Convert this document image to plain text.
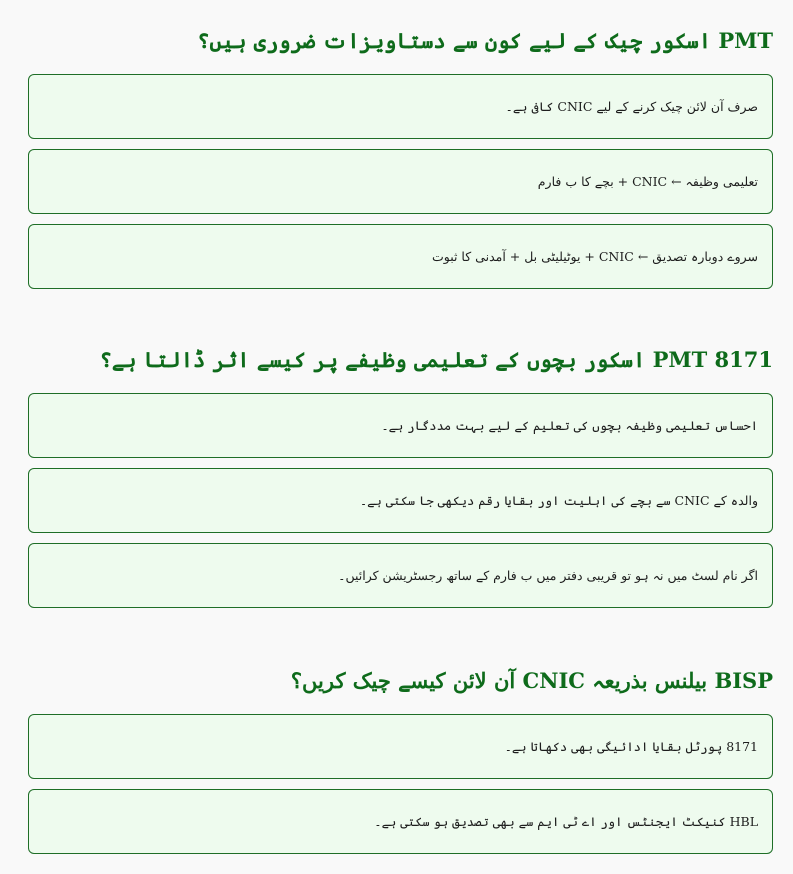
PMT اسکور چیک کے لیے کون سے دستاویزات ضروری ہیں؟

صرف آن لائن چیک کرنے کے لیے CNIC کافی ہے۔

تعلیمی وظیفہ ← CNIC + بچے کا ب فارم

سروے دوبارہ تصدیق ← CNIC + یوٹیلیٹی بل + آمدنی کا ثبوت

8171 PMT اسکور بچوں کے تعلیمی وظیفے پر کیسے اثر ڈالتا ہے؟

احساس تعلیمی وظیفہ بچوں کی تعلیم کے لیے بہت مددگار ہے۔

والدہ کے CNIC سے بچے کی اہلیت اور بقایا رقم دیکھی جا سکتی ہے۔

اگر نام لسٹ میں نہ ہو تو قریبی دفتر میں ب فارم کے ساتھ رجسٹریشن کرائیں۔

BISP بیلنس بذریعہ CNIC آن لائن کیسے چیک کریں؟

8171 پورٹل بقایا ادائیگی بھی دکھاتا ہے۔

HBL کنیکٹ ایجنٹس اور اے ٹی ایم سے بھی تصدیق ہو سکتی ہے۔
